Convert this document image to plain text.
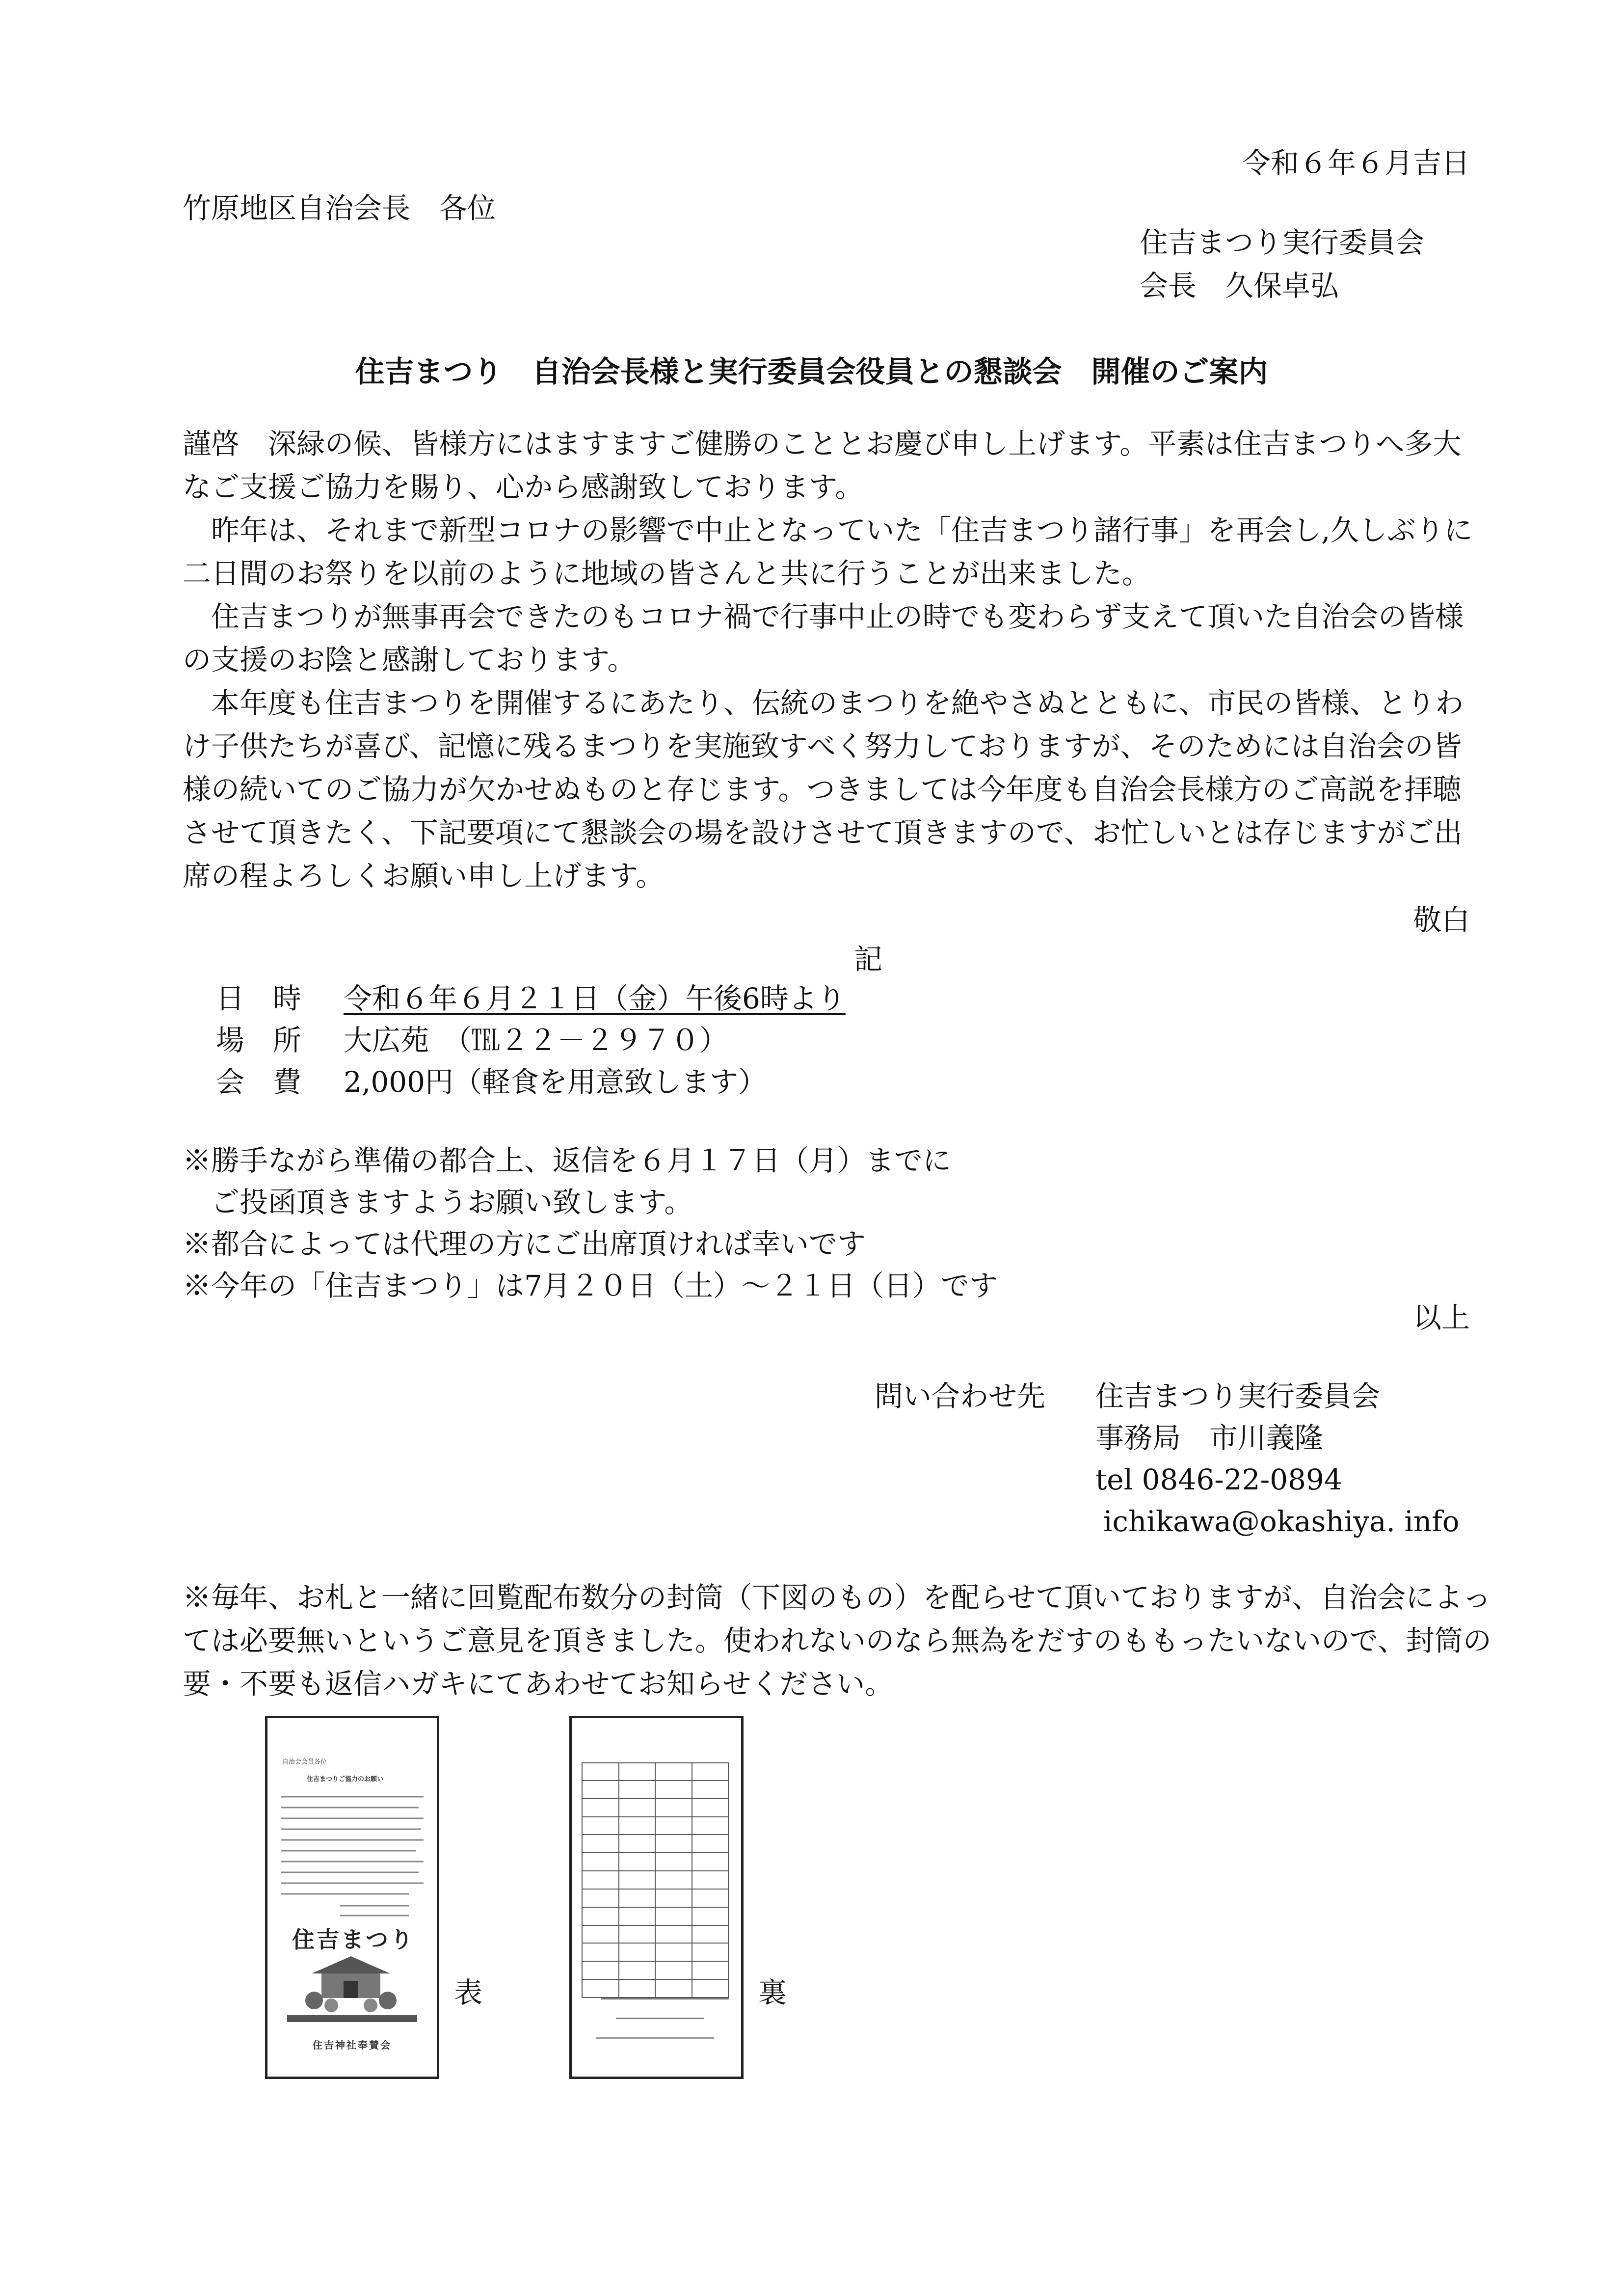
令和６年６月吉日
竹原地区自治会長　各位
住吉まつり実行委員会
会長　久保卓弘
住吉まつり　自治会長様と実行委員会役員との懇談会　開催のご案内
謹啓　深緑の候、皆様方にはますますご健勝のこととお慶び申し上げます。平素は住吉まつりへ多大なご支援ご協力を賜り、心から感謝致しております。
昨年は、それまで新型コロナの影響で中止となっていた「住吉まつり諸行事」を再会し,久しぶりに二日間のお祭りを以前のように地域の皆さんと共に行うことが出来ました。
住吉まつりが無事再会できたのもコロナ禍で行事中止の時でも変わらず支えて頂いた自治会の皆様の支援のお陰と感謝しております。
本年度も住吉まつりを開催するにあたり、伝統のまつりを絶やさぬとともに、市民の皆様、とりわけ子供たちが喜び、記憶に残るまつりを実施致すべく努力しておりますが、そのためには自治会の皆様の続いてのご協力が欠かせぬものと存じます。つきましては今年度も自治会長様方のご高説を拝聴させて頂きたく、下記要項にて懇談会の場を設けさせて頂きますので、お忙しいとは存じますがご出席の程よろしくお願い申し上げます。
敬白
記
日　時 令和６年６月２１日（金）午後6時より
場　所 大広苑　（℡２２－２９７０）
会　費 2,000円（軽食を用意致します）
※勝手ながら準備の都合上、返信を６月１７日（月）までに
　ご投函頂きますようお願い致します。
※都合によっては代理の方にご出席頂ければ幸いです
※今年の「住吉まつり」は7月２０日（土）～２１日（日）です
以上
問い合わせ先 住吉まつり実行委員会
事務局　市川義隆
tel 0846-22-0894
ichikawa@okashiya. info
※毎年、お札と一緒に回覧配布数分の封筒（下図のもの）を配らせて頂いておりますが、自治会によっては必要無いというご意見を頂きました。使われないのなら無為をだすのももったいないので、封筒の要・不要も返信ハガキにてあわせてお知らせください。
自治会会員各位
住吉まつりご協力のお願い
住吉まつり
住吉神社奉賛会
表

				裏
